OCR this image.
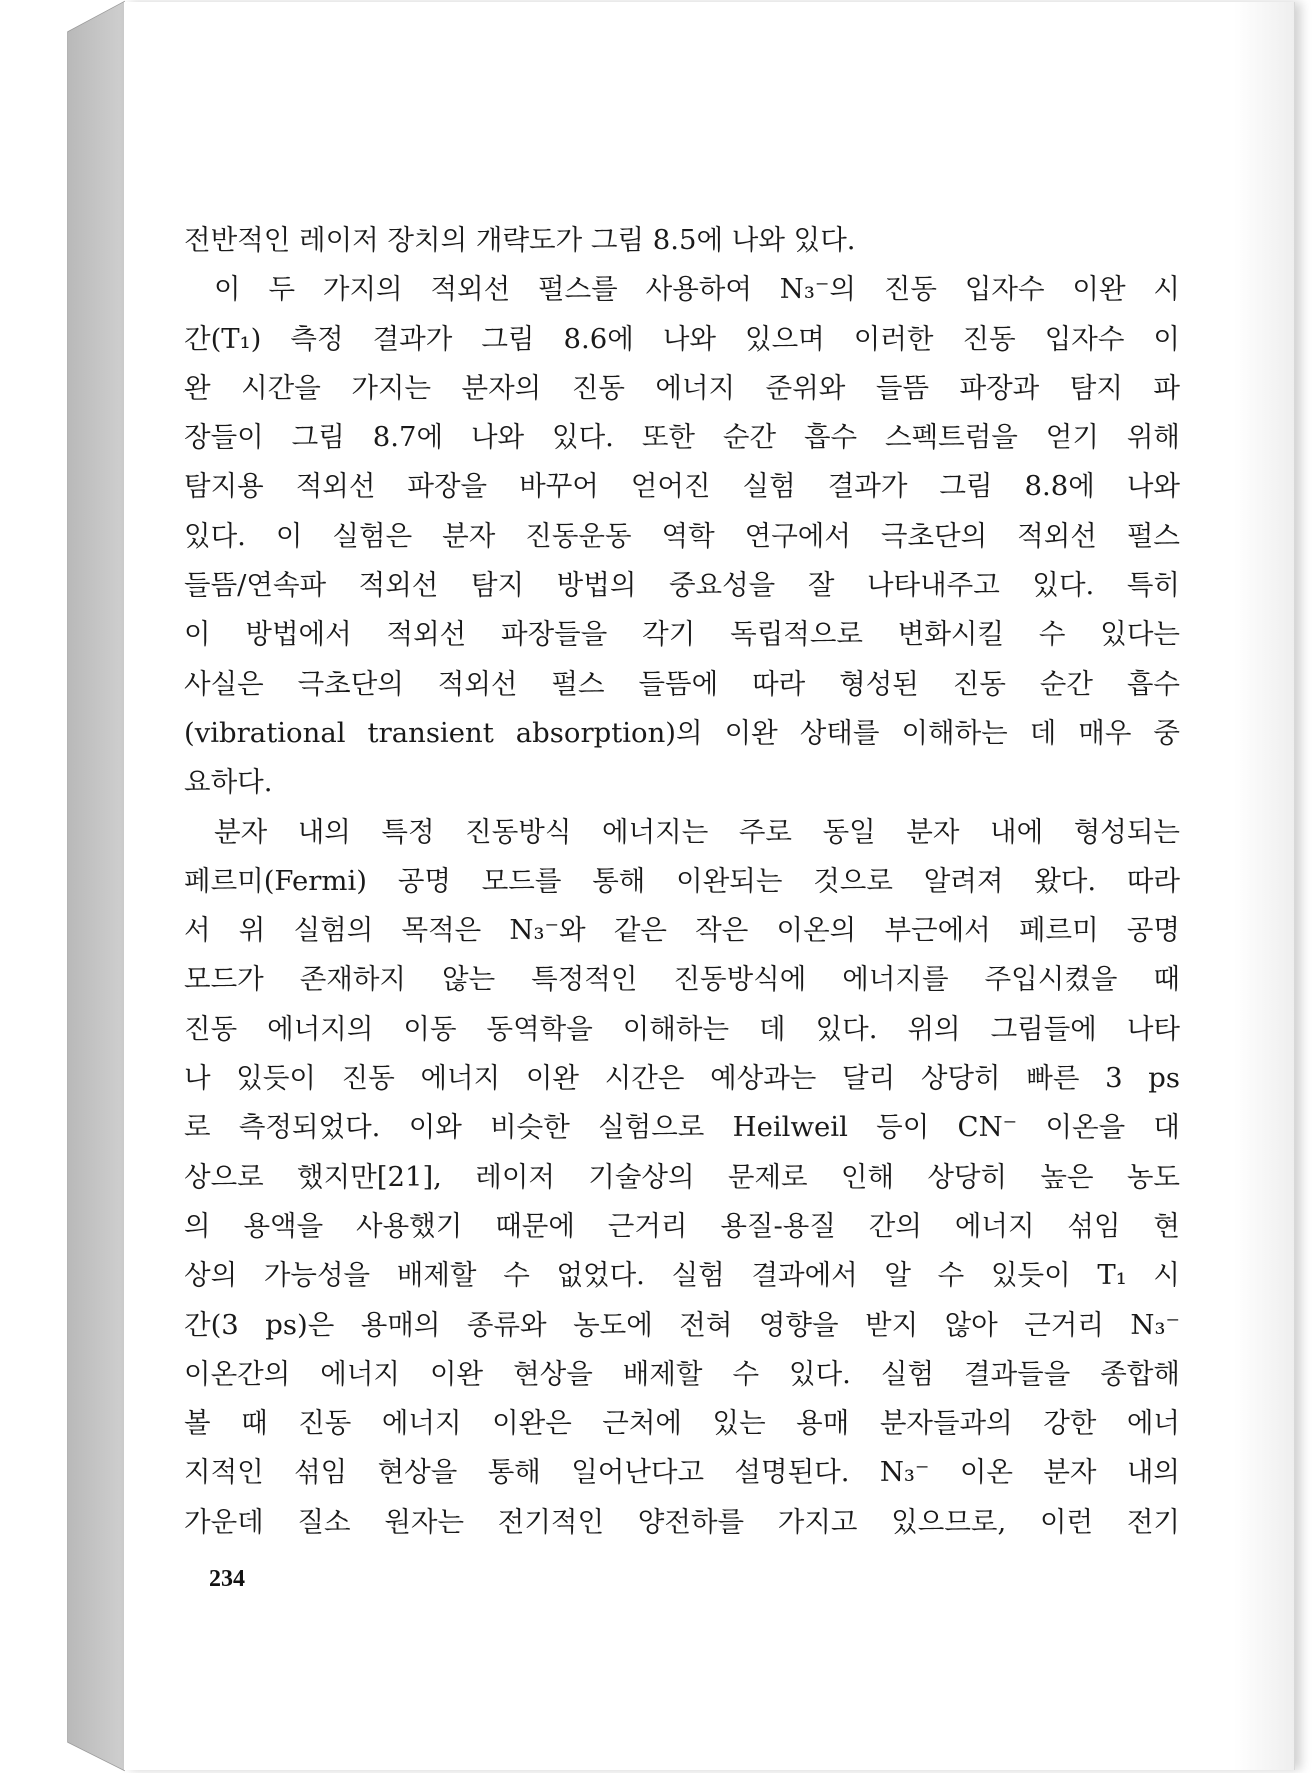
전반적인 레이저 장치의 개략도가 그림 8.5에 나와 있다.
이 두 가지의 적외선 펄스를 사용하여 N₃⁻의 진동 입자수 이완 시
간(T₁) 측정 결과가 그림 8.6에 나와 있으며 이러한 진동 입자수 이
완 시간을 가지는 분자의 진동 에너지 준위와 들뜸 파장과 탐지 파
장들이 그림 8.7에 나와 있다. 또한 순간 흡수 스펙트럼을 얻기 위해
탐지용 적외선 파장을 바꾸어 얻어진 실험 결과가 그림 8.8에 나와
있다. 이 실험은 분자 진동운동 역학 연구에서 극초단의 적외선 펄스
들뜸/연속파 적외선 탐지 방법의 중요성을 잘 나타내주고 있다. 특히
이 방법에서 적외선 파장들을 각기 독립적으로 변화시킬 수 있다는
사실은 극초단의 적외선 펄스 들뜸에 따라 형성된 진동 순간 흡수
(vibrational transient absorption)의 이완 상태를 이해하는 데 매우 중
요하다.
분자 내의 특정 진동방식 에너지는 주로 동일 분자 내에 형성되는
페르미(Fermi) 공명 모드를 통해 이완되는 것으로 알려져 왔다. 따라
서 위 실험의 목적은 N₃⁻와 같은 작은 이온의 부근에서 페르미 공명
모드가 존재하지 않는 특정적인 진동방식에 에너지를 주입시켰을 때
진동 에너지의 이동 동역학을 이해하는 데 있다. 위의 그림들에 나타
나 있듯이 진동 에너지 이완 시간은 예상과는 달리 상당히 빠른 3 ps
로 측정되었다. 이와 비슷한 실험으로 Heilweil 등이 CN⁻ 이온을 대
상으로 했지만[21], 레이저 기술상의 문제로 인해 상당히 높은 농도
의 용액을 사용했기 때문에 근거리 용질-용질 간의 에너지 섞임 현
상의 가능성을 배제할 수 없었다. 실험 결과에서 알 수 있듯이 T₁ 시
간(3 ps)은 용매의 종류와 농도에 전혀 영향을 받지 않아 근거리 N₃⁻
이온간의 에너지 이완 현상을 배제할 수 있다. 실험 결과들을 종합해
볼 때 진동 에너지 이완은 근처에 있는 용매 분자들과의 강한 에너
지적인 섞임 현상을 통해 일어난다고 설명된다. N₃⁻ 이온 분자 내의
가운데 질소 원자는 전기적인 양전하를 가지고 있으므로, 이런 전기
234
